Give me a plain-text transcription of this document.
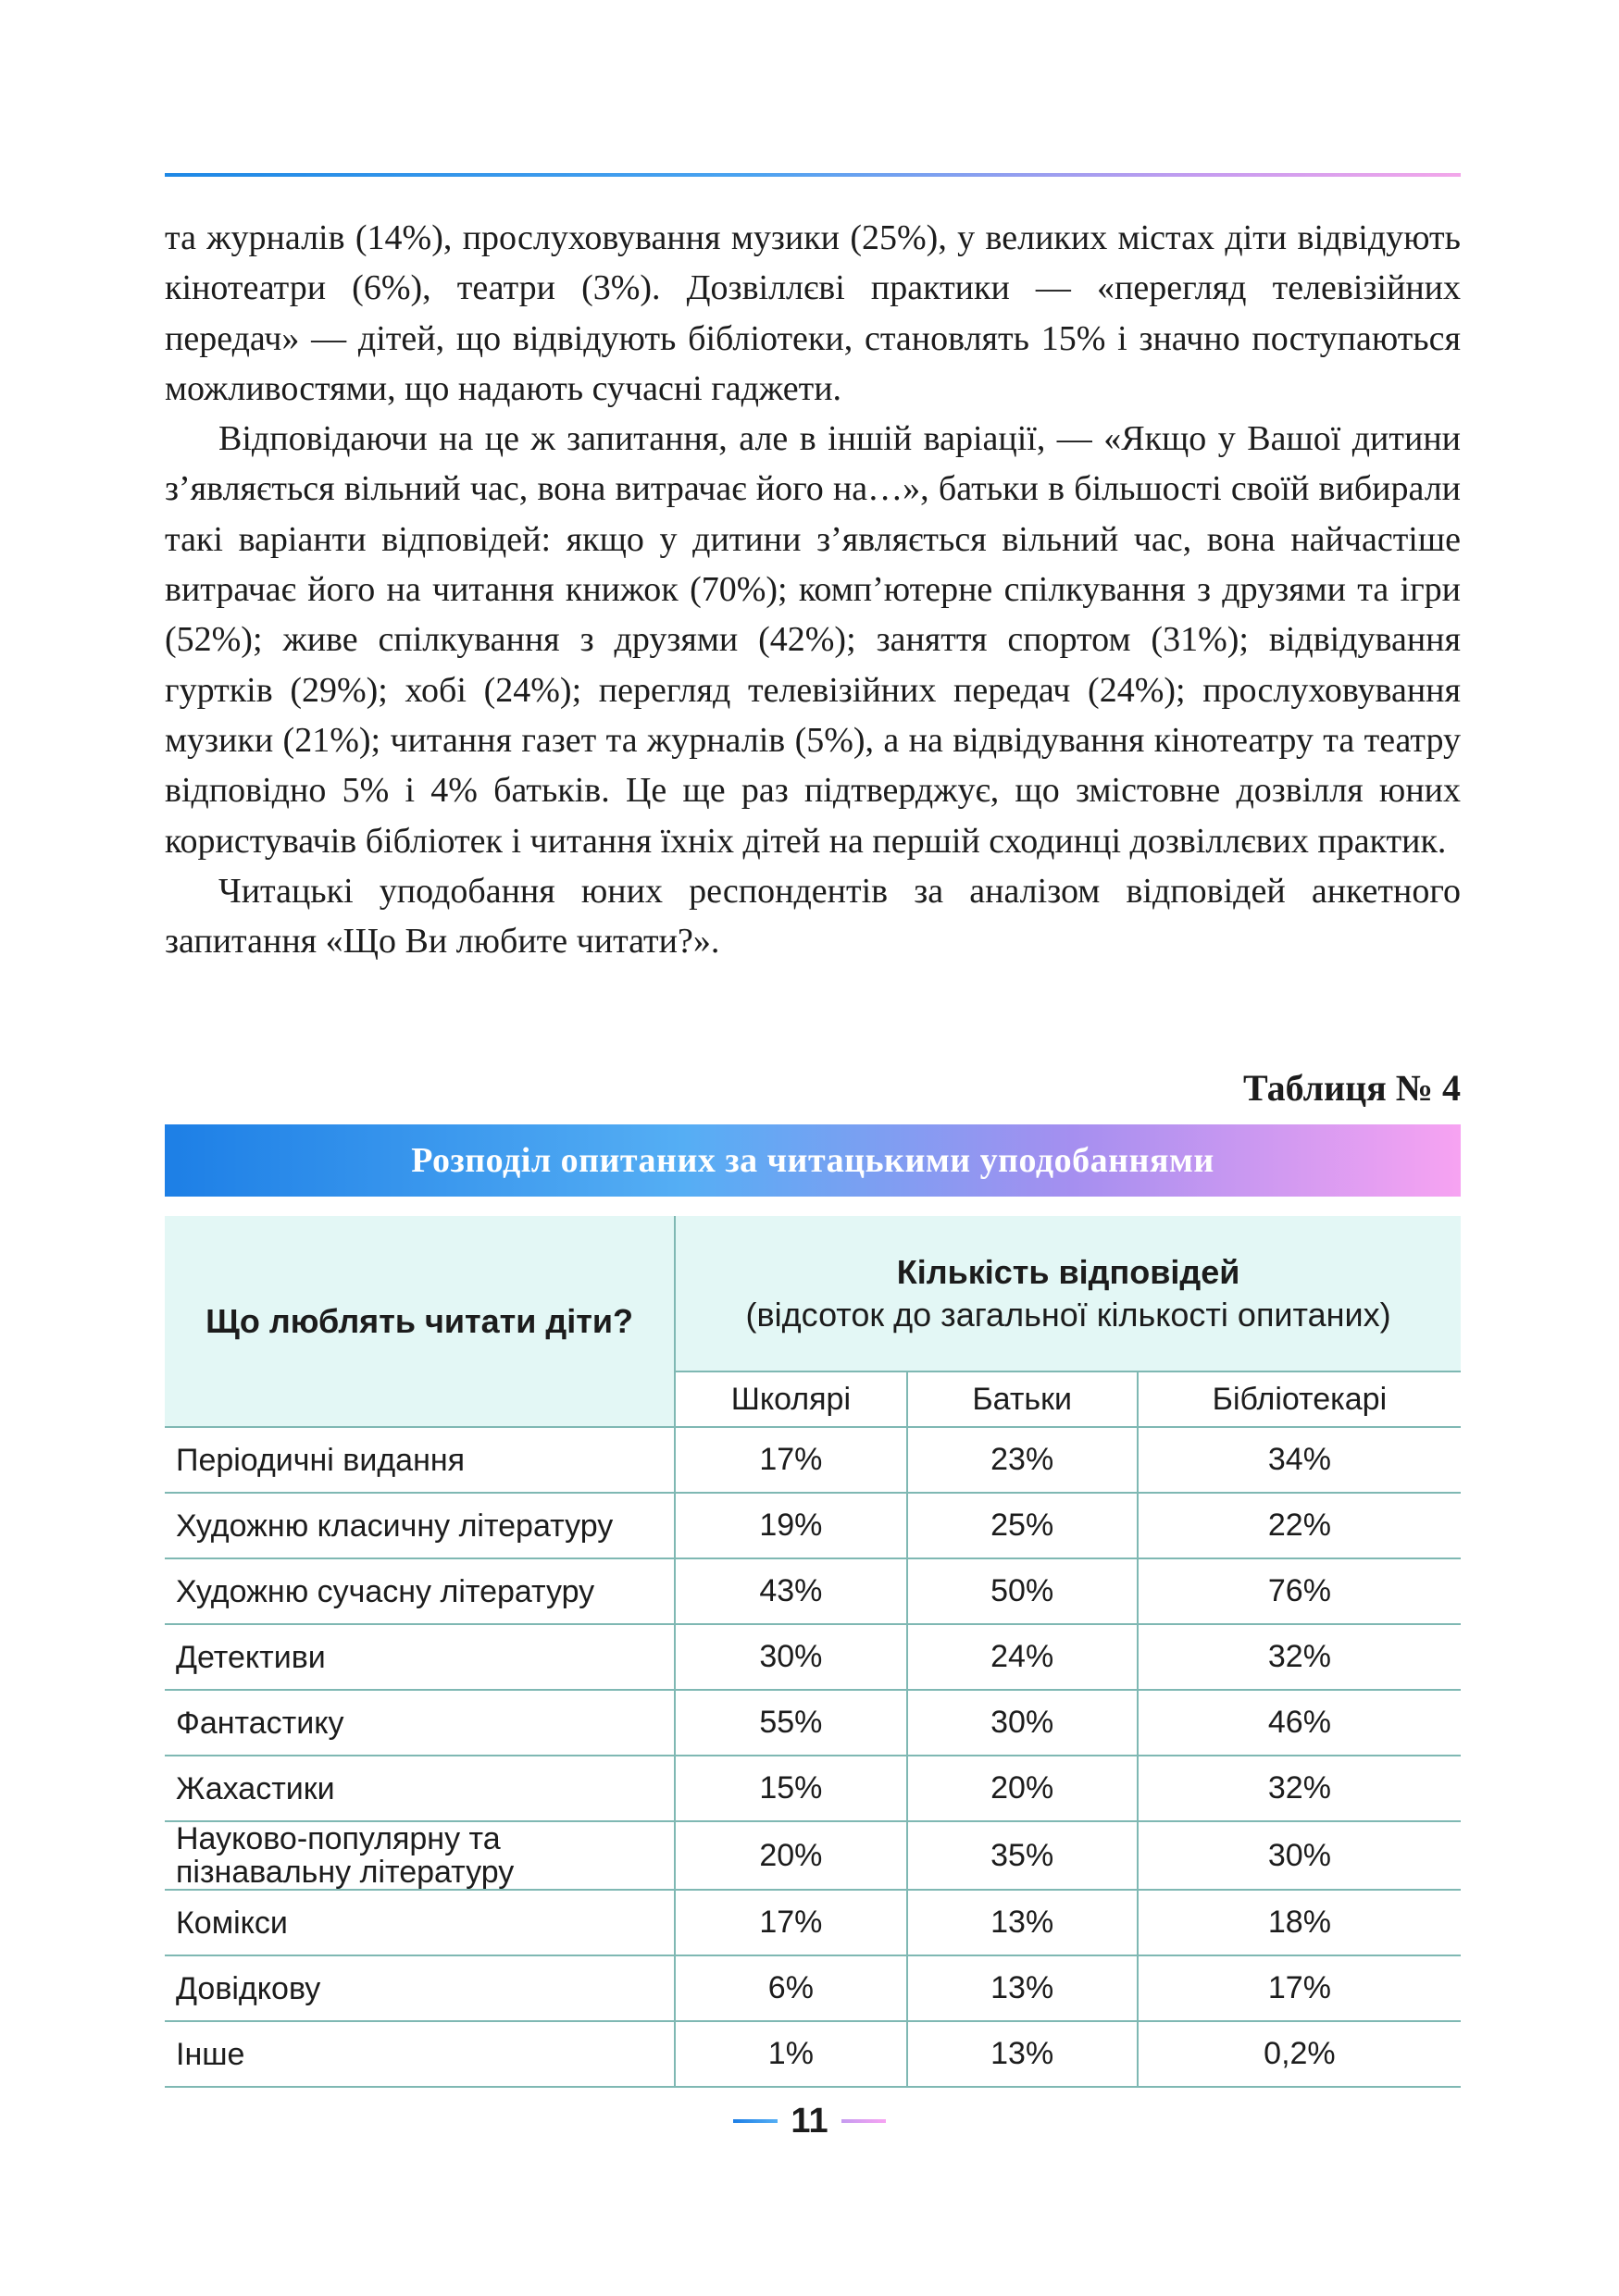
та журналів (14%), прослуховування музики (25%), у великих містах діти відвідують кінотеатри (6%), театри (3%). Дозвіллєві практики — «перегляд телевізійних передач» — дітей, що відвідують бібліотеки, становлять 15% і значно поступаються можливостями, що надають сучасні гаджети.

Відповідаючи на це ж запитання, але в іншій варіації, — «Якщо у Вашої дитини з’являється вільний час, вона витрачає його на…», батьки в більшості своїй вибирали такі варіанти відповідей: якщо у дитини з’являється вільний час, вона найчастіше витрачає його на читання книжок (70%); комп’ютерне спілкування з друзями та ігри (52%); живе спілкування з друзями (42%); заняття спортом (31%); відвідування гуртків (29%); хобі (24%); перегляд телевізійних передач (24%); прослуховування музики (21%); читання газет та журналів (5%), а на відвідування кінотеатру та театру відповідно 5% і 4% батьків. Це ще раз підтверджує, що змістовне дозвілля юних користувачів бібліотек і читання їхніх дітей на першій сходинці дозвіллєвих практик.

Читацькі уподобання юних респондентів за аналізом відповідей анкетного запитання «Що Ви любите читати?».

Таблиця № 4
Розподіл опитаних за читацькими уподобаннями
Що люблять читати діти?	Кількість відповідей
(відсоток до загальної кількості опитаних)		
	Школярі	Батьки	Бібліотекарі
Періодичні видання	17%	23%	34%
Художню класичну літературу	19%	25%	22%
Художню сучасну літературу	43%	50%	76%
Детективи	30%	24%	32%
Фантастику	55%	30%	46%
Жахастики	15%	20%	32%
Науково-популярну та пізнавальну літературу	20%	35%	30%
Комікси	17%	13%	18%
Довідкову	6%	13%	17%
Інше	1%	13%	0,2%
11
